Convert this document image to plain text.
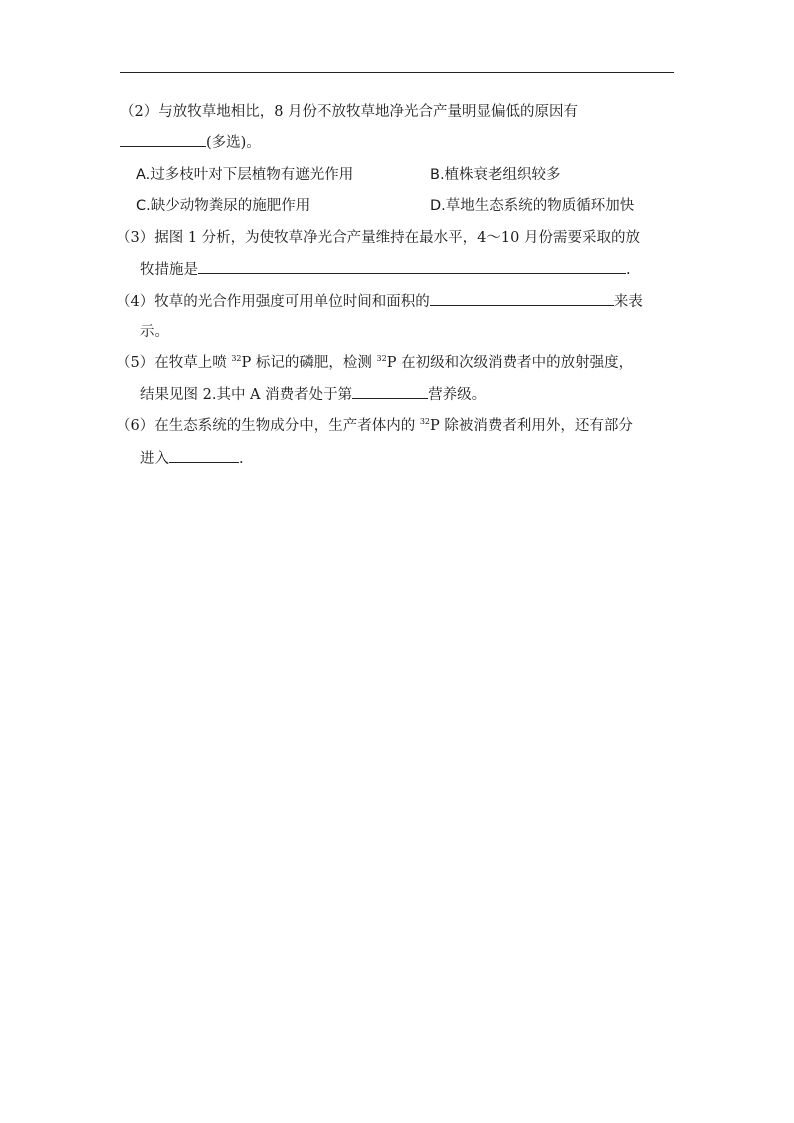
（2）与放牧草地相比，8 月份不放牧草地净光合产量明显偏低的原因有
(多选)。
A.过多枝叶对下层植物有遮光作用	B.植株衰老组织较多
C.缺少动物粪尿的施肥作用	D.草地生态系统的物质循环加快
（3）据图 1 分析，为使牧草净光合产量维持在最水平，4～10 月份需要采取的放
牧措施是	.
（4）牧草的光合作用强度可用单位时间和面积的	来表
示。
（5）在牧草上喷 $^{32}$P 标记的磷肥，检测 $^{32}$P 在初级和次级消费者中的放射强度，
结果见图 2.其中 A 消费者处于第	营养级。
（6）在生态系统的生物成分中，生产者体内的 $^{32}$P 除被消费者利用外，还有部分
进入	.
